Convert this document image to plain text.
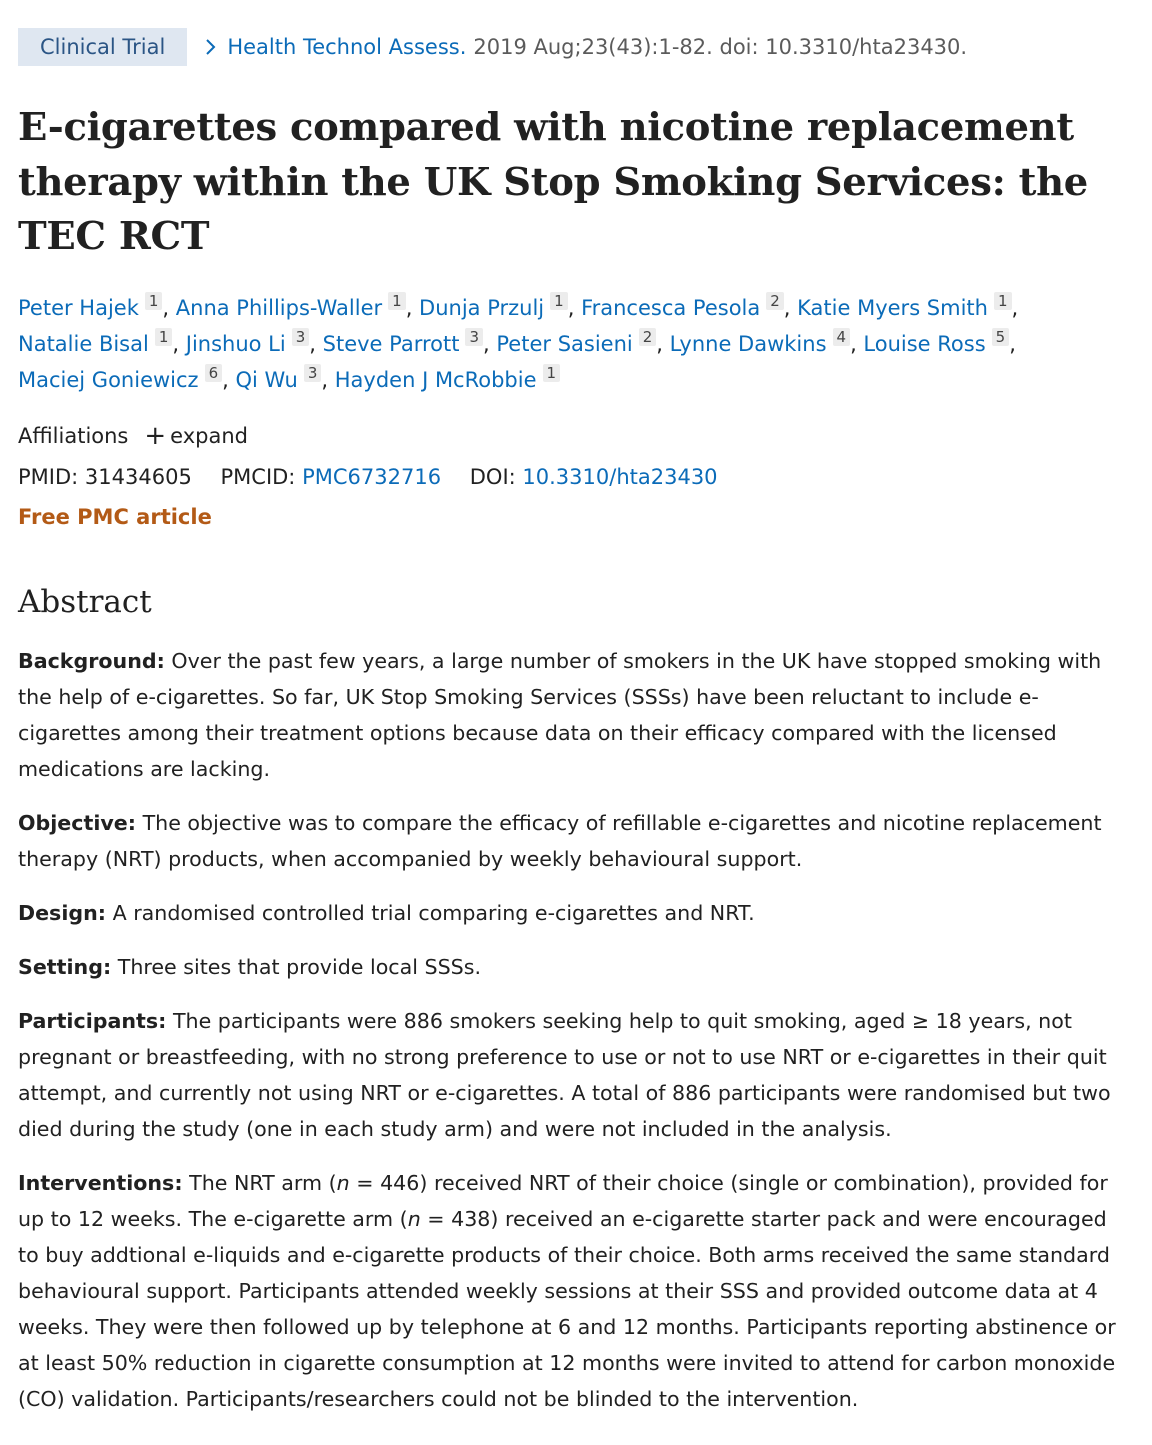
Clinical Trial	Health Technol Assess. 2019 Aug;23(43):1-82. doi: 10.3310/hta23430.
E-cigarettes compared with nicotine replacement therapy within the UK Stop Smoking Services: the TEC RCT
Peter Hajek $^1$ , Anna Phillips-Waller $^1$ , Dunja Przulj $^1$ , Francesca Pesola $^2$ , Katie Myers Smith $^1$ ,
Natalie Bisal $^1$ , Jinshuo Li $^3$ , Steve Parrott $^3$ , Peter Sasieni $^2$ , Lynne Dawkins $^4$ , Louise Ross $^5$ ,
Maciej Goniewicz $^6$ , Qi Wu $^3$ , Hayden J McRobbie $^1$
Affiliations + expand
PMID: 31434605 PMCID: PMC6732716 DOI: 10.3310/hta23430
Free PMC article
Abstract

Background: Over the past few years, a large number of smokers in the UK have stopped smoking with the help of e-cigarettes. So far, UK Stop Smoking Services (SSSs) have been reluctant to include e-cigarettes among their treatment options because data on their efficacy compared with the licensed medications are lacking.

Objective: The objective was to compare the efficacy of refillable e-cigarettes and nicotine replacement therapy (NRT) products, when accompanied by weekly behavioural support.

Design: A randomised controlled trial comparing e-cigarettes and NRT.

Setting: Three sites that provide local SSSs.

Participants: The participants were 886 smokers seeking help to quit smoking, aged ≥ 18 years, not pregnant or breastfeeding, with no strong preference to use or not to use NRT or e-cigarettes in their quit attempt, and currently not using NRT or e-cigarettes. A total of 886 participants were randomised but two died during the study (one in each study arm) and were not included in the analysis.

Interventions: The NRT arm (n = 446) received NRT of their choice (single or combination), provided for up to 12 weeks. The e-cigarette arm (n = 438) received an e-cigarette starter pack and were encouraged to buy addtional e-liquids and e-cigarette products of their choice. Both arms received the same standard behavioural support. Participants attended weekly sessions at their SSS and provided outcome data at 4 weeks. They were then followed up by telephone at 6 and 12 months. Participants reporting abstinence or at least 50% reduction in cigarette consumption at 12 months were invited to attend for carbon monoxide (CO) validation. Participants/researchers could not be blinded to the intervention.
